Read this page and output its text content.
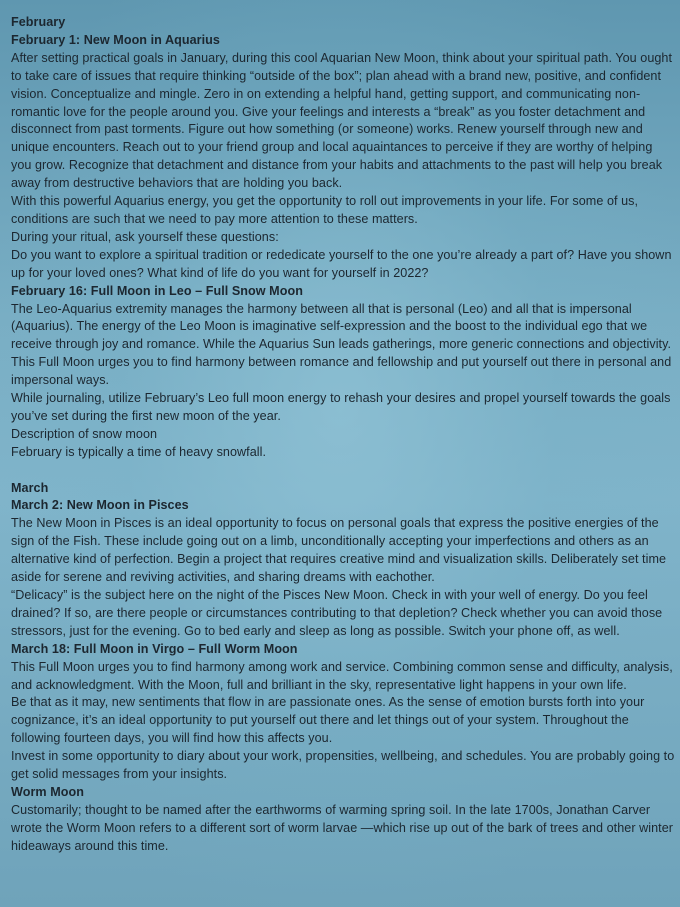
February

February 1: New Moon in Aquarius

After setting practical goals in January, during this cool Aquarian New Moon, think about your spiritual path. You ought to take care of issues that require thinking “outside of the box”; plan ahead with a brand new, positive, and confident vision. Conceptualize and mingle. Zero in on extending a helpful hand, getting support, and communicating non-romantic love for the people around you. Give your feelings and interests a “break” as you foster detachment and disconnect from past torments. Figure out how something (or someone) works. Renew yourself through new and unique encounters. Reach out to your friend group and local aquaintances to perceive if they are worthy of helping you grow. Recognize that detachment and distance from your habits and attachments to the past will help you break away from destructive behaviors that are holding you back.

With this powerful Aquarius energy, you get the opportunity to roll out improvements in your life. For some of us, conditions are such that we need to pay more attention to these matters.

During your ritual, ask yourself these questions:

Do you want to explore a spiritual tradition or rededicate yourself to the one you’re already a part of? Have you shown up for your loved ones? What kind of life do you want for yourself in 2022?

February 16: Full Moon in Leo – Full Snow Moon

The Leo-Aquarius extremity manages the harmony between all that is personal (Leo) and all that is impersonal (Aquarius). The energy of the Leo Moon is imaginative self-expression and the boost to the individual ego that we receive through joy and romance. While the Aquarius Sun leads gatherings, more generic connections and objectivity. This Full Moon urges you to find harmony between romance and fellowship and put yourself out there in personal and impersonal ways.

While journaling, utilize February’s Leo full moon energy to rehash your desires and propel yourself towards the goals you’ve set during the first new moon of the year.

Description of snow moon

February is typically a time of heavy snowfall.

March

March 2: New Moon in Pisces

The New Moon in Pisces is an ideal opportunity to focus on personal goals that express the positive energies of the sign of the Fish. These include going out on a limb, unconditionally accepting your imperfections and others as an alternative kind of perfection. Begin a project that requires creative mind and visualization skills. Deliberately set time aside for serene and reviving activities, and sharing dreams with eachother.

“Delicacy” is the subject here on the night of the Pisces New Moon. Check in with your well of energy. Do you feel drained? If so, are there people or circumstances contributing to that depletion? Check whether you can avoid those stressors, just for the evening. Go to bed early and sleep as long as possible. Switch your phone off, as well.

March 18: Full Moon in Virgo – Full Worm Moon

This Full Moon urges you to find harmony among work and service. Combining common sense and difficulty, analysis, and acknowledgment. With the Moon, full and brilliant in the sky, representative light happens in your own life.

Be that as it may, new sentiments that flow in are passionate ones. As the sense of emotion bursts forth into your cognizance, it’s an ideal opportunity to put yourself out there and let things out of your system. Throughout the following fourteen days, you will find how this affects you.

Invest in some opportunity to diary about your work, propensities, wellbeing, and schedules. You are probably going to get solid messages from your insights.

Worm Moon

Customarily; thought to be named after the earthworms of warming spring soil. In the late 1700s, Jonathan Carver wrote the Worm Moon refers to a different sort of worm larvae —which rise up out of the bark of trees and other winter hideaways around this time.
